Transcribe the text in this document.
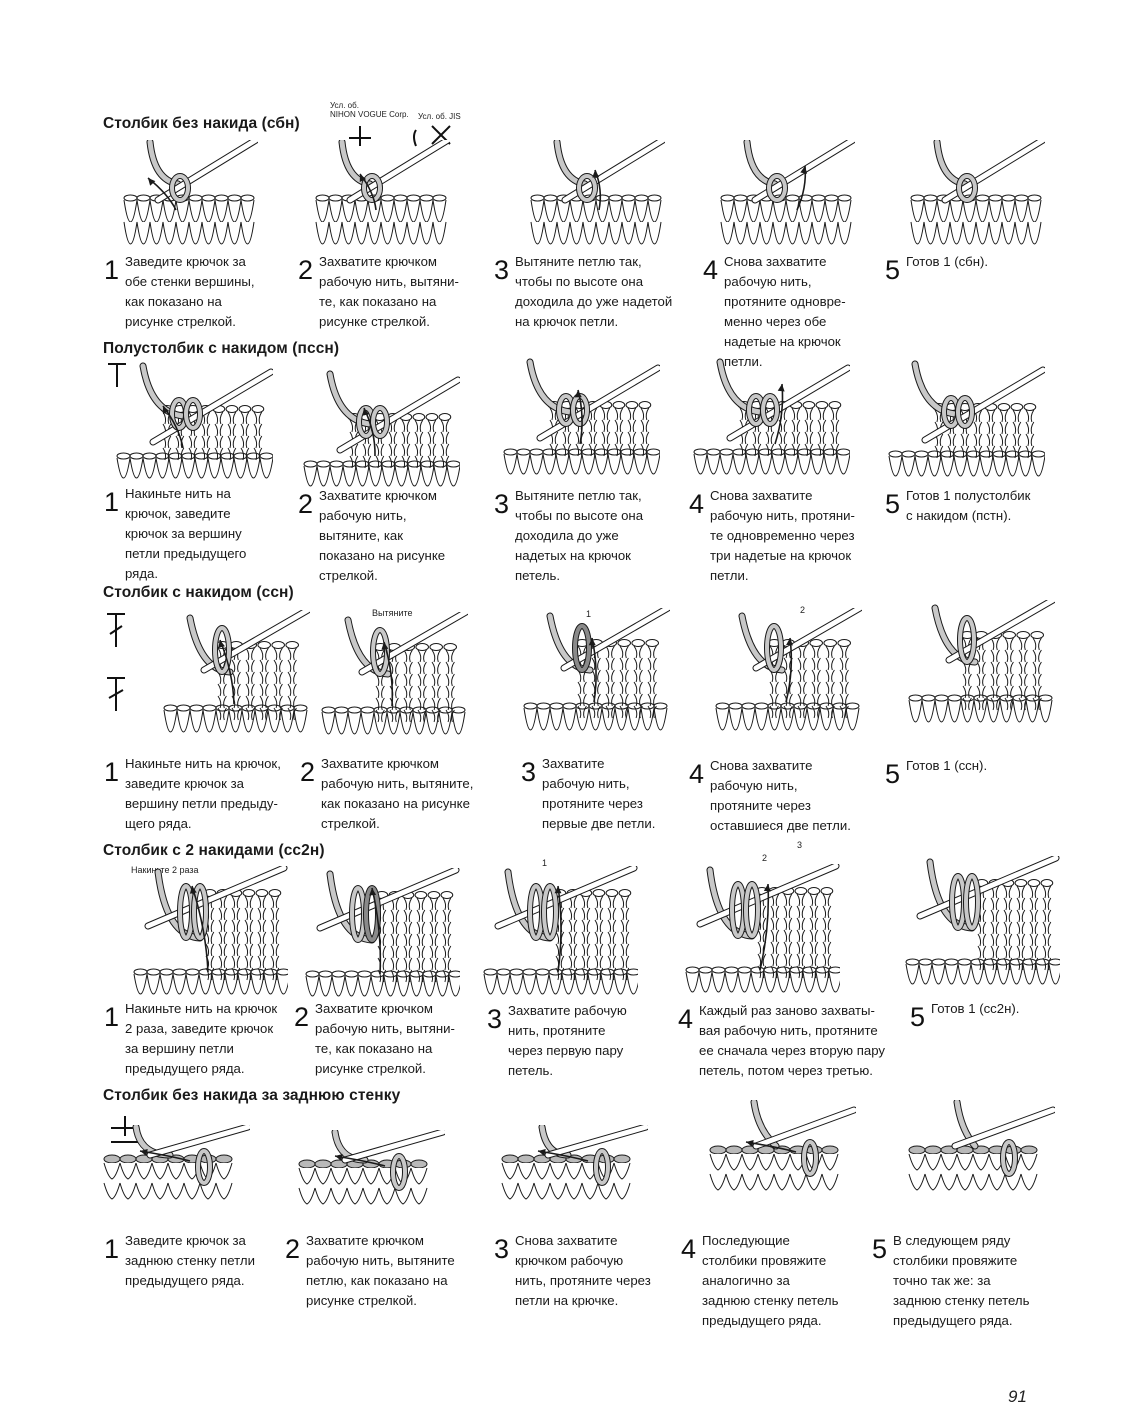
Столбик без накида (сбн)
Полустолбик с накидом (пссн)
Столбик с накидом (ссн)
Столбик с 2 накидами (сс2н)
Столбик без накида за заднюю стенку
Усл. об.
NIHON VOGUE Corp. Усл. об. JIS
Вытяните
Накиньте 2 раза
1	2
1	2
3
1 Заведите крючок за
обе стенки вершины,
как показано на
рисунке стрелкой.
2 Захватите крючком
рабочую нить, вытяни-
те, как показано на
рисунке стрелкой.
3 Вытяните петлю так,
чтобы по высоте она
доходила до уже надетой
на крючок петли.
4 Снова захватите
рабочую нить,
протяните одновре-
менно через обе
надетые на крючок
петли.
5 Готов 1 (сбн).
1 Накиньте нить на
крючок, заведите
крючок за вершину
петли предыдущего
ряда.
2 Захватите крючком
рабочую нить,
вытяните, как
показано на рисунке
стрелкой.
3 Вытяните петлю так,
чтобы по высоте она
доходила до уже
надетых на крючок
петель.
4 Снова захватите
рабочую нить, протяни-
те одновременно через
три надетые на крючок
петли.
5 Готов 1 полустолбик
с накидом (пстн).
1 Накиньте нить на крючок,
заведите крючок за
вершину петли предыду-
щего ряда.
2 Захватите крючком
рабочую нить, вытяните,
как показано на рисунке
стрелкой.
3 Захватите
рабочую нить,
протяните через
первые две петли.
4 Снова захватите
рабочую нить,
протяните через
оставшиеся две петли.
5 Готов 1 (ссн).
1 Накиньте нить на крючок
2 раза, заведите крючок
за вершину петли
предыдущего ряда.
2 Захватите крючком
рабочую нить, вытяни-
те, как показано на
рисунке стрелкой.
3 Захватите рабочую
нить, протяните
через первую пару
петель.
4 Каждый раз заново захваты-
вая рабочую нить, протяните
ее сначала через вторую пару
петель, потом через третью.
5 Готов 1 (сс2н).
1 Заведите крючок за
заднюю стенку петли
предыдущего ряда.
2 Захватите крючком
рабочую нить, вытяните
петлю, как показано на
рисунке стрелкой.
3 Снова захватите
крючком рабочую
нить, протяните через
петли на крючке.
4 Последующие
столбики провяжите
аналогично за
заднюю стенку петель
предыдущего ряда.
5 В следующем ряду
столбики провяжите
точно так же: за
заднюю стенку петель
предыдущего ряда.
91
